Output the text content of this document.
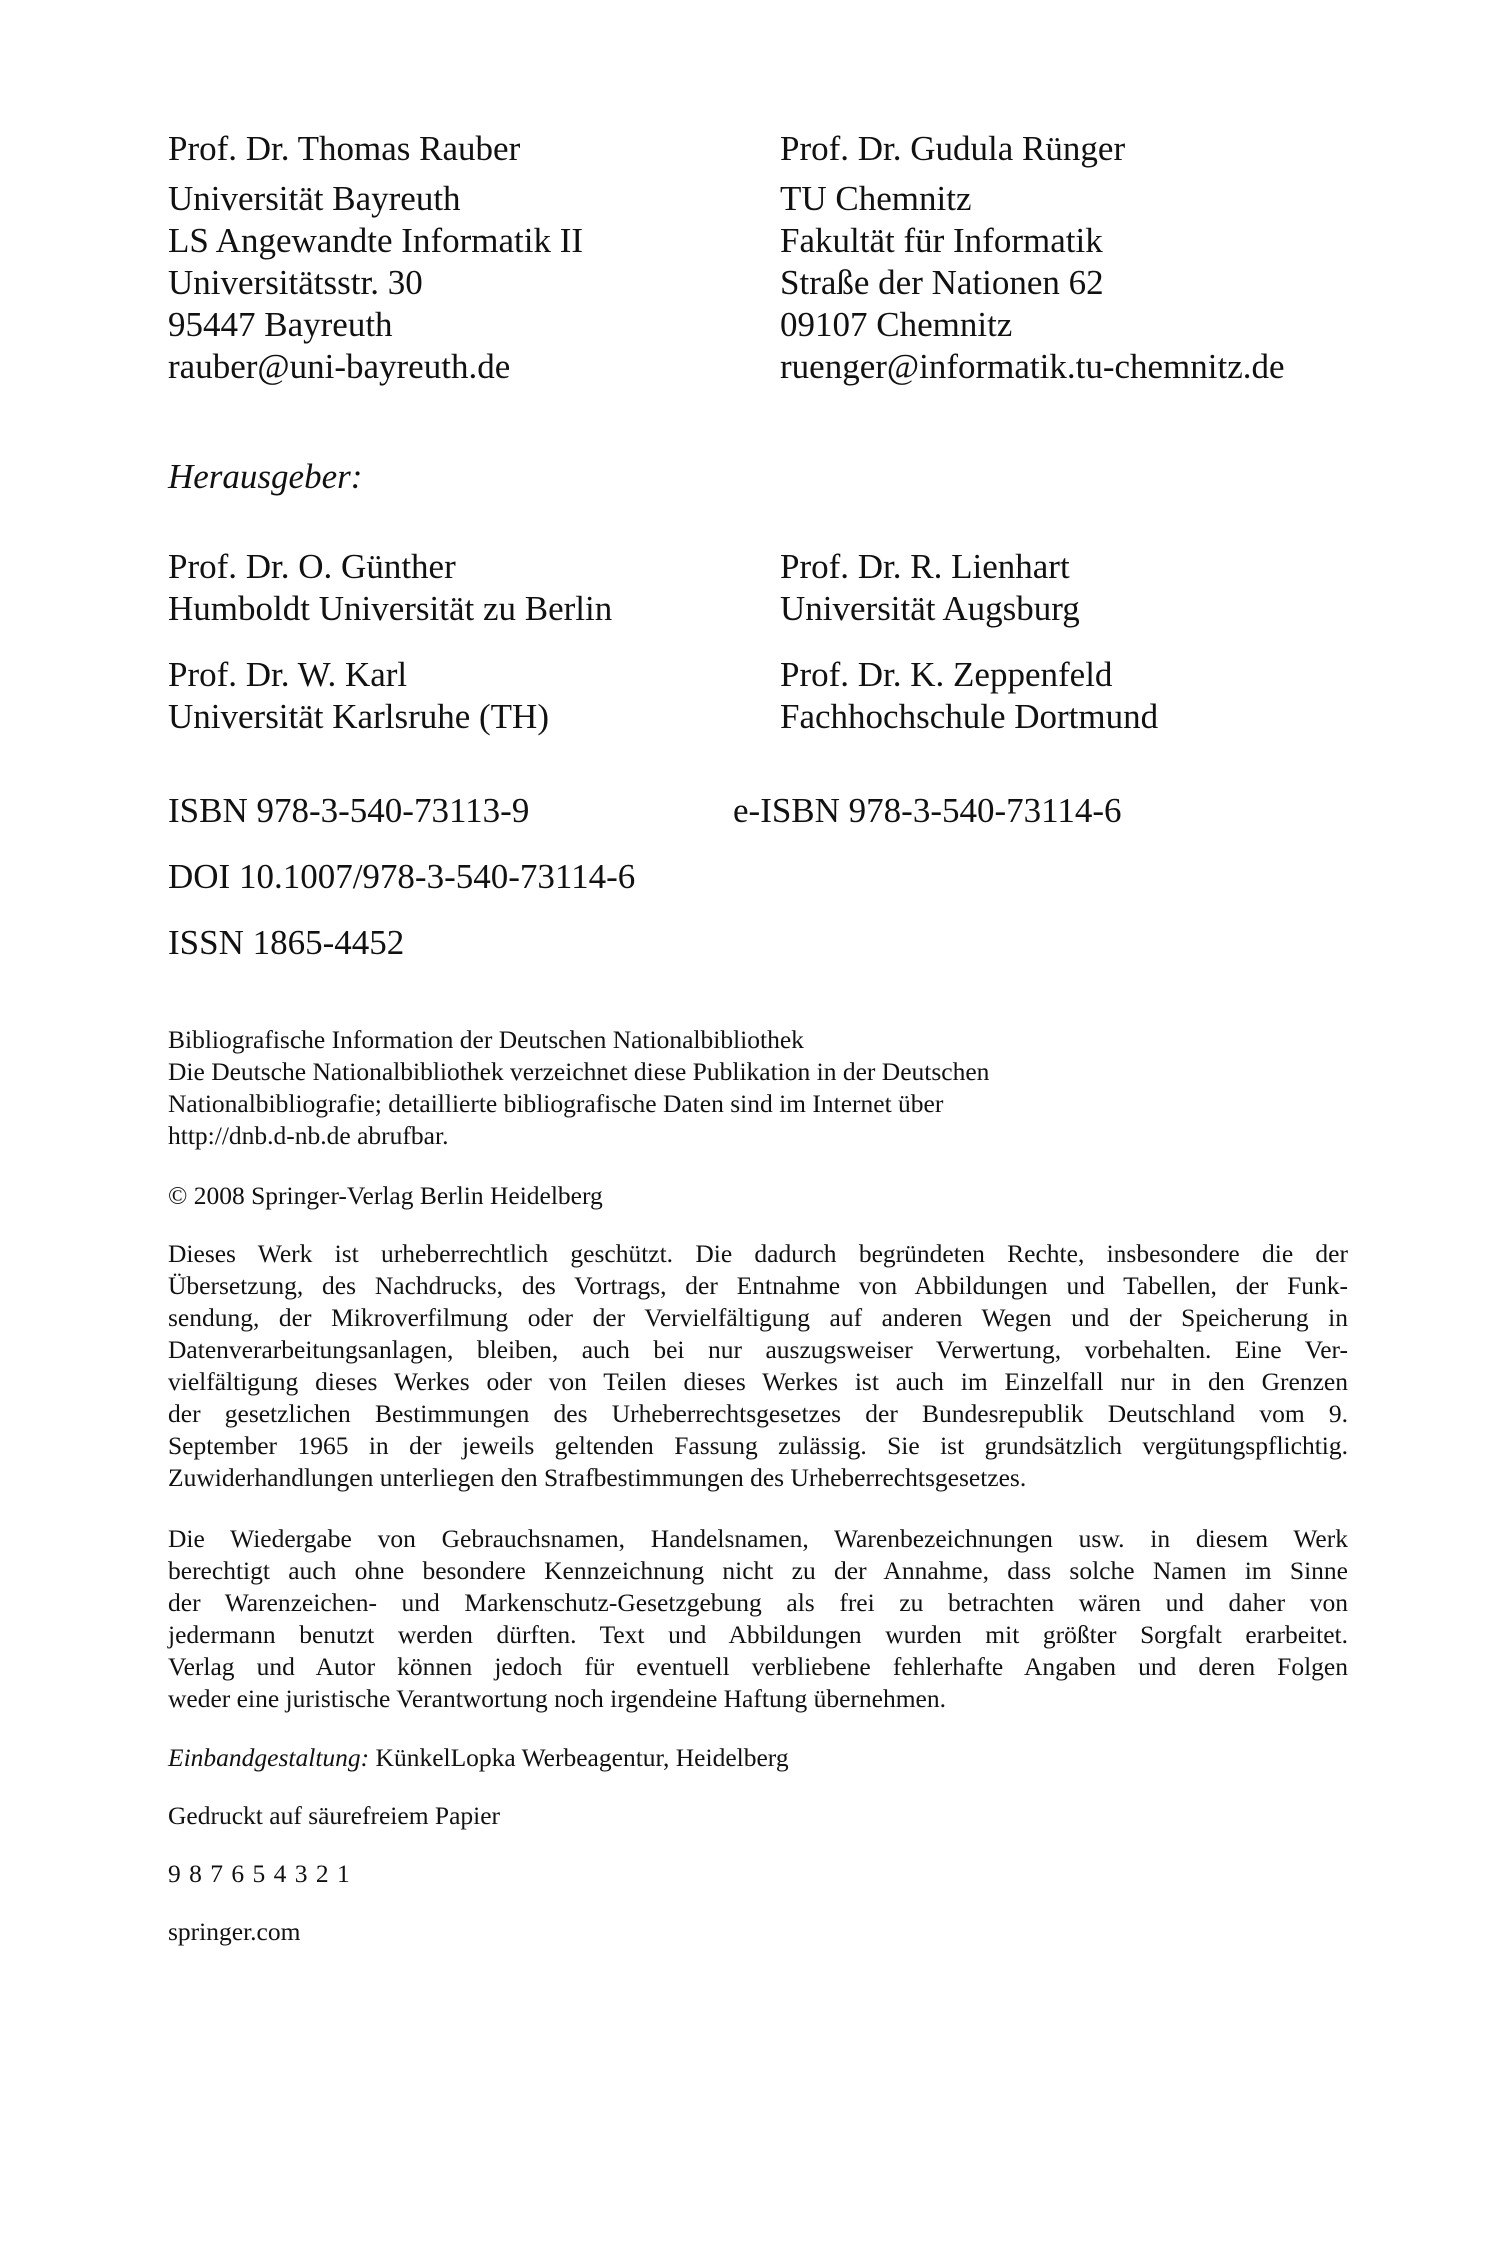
Prof. Dr. Thomas Rauber
Universität Bayreuth
LS Angewandte Informatik II
Universitätsstr. 30
95447 Bayreuth
rauber@uni-bayreuth.de
Prof. Dr. Gudula Rünger
TU Chemnitz
Fakultät für Informatik
Straße der Nationen 62
09107 Chemnitz
ruenger@informatik.tu-chemnitz.de
Herausgeber:
Prof. Dr. O. Günther
Humboldt Universität zu Berlin
Prof. Dr. R. Lienhart
Universität Augsburg
Prof. Dr. W. Karl
Universität Karlsruhe (TH)
Prof. Dr. K. Zeppenfeld
Fachhochschule Dortmund
ISBN 978-3-540-73113-9	e-ISBN 978-3-540-73114-6
DOI 10.1007/978-3-540-73114-6
ISSN 1865-4452
Bibliografische Information der Deutschen Nationalbibliothek
Die Deutsche Nationalbibliothek verzeichnet diese Publikation in der Deutschen
Nationalbibliografie; detaillierte bibliografische Daten sind im Internet über
http://dnb.d-nb.de abrufbar.
© 2008 Springer-Verlag Berlin Heidelberg
Dieses Werk ist urheberrechtlich geschützt. Die dadurch begründeten Rechte, insbesondere die der
Übersetzung, des Nachdrucks, des Vortrags, der Entnahme von Abbildungen und Tabellen, der Funk-
sendung, der Mikroverfilmung oder der Vervielfältigung auf anderen Wegen und der Speicherung in
Datenverarbeitungsanlagen, bleiben, auch bei nur auszugsweiser Verwertung, vorbehalten. Eine Ver-
vielfältigung dieses Werkes oder von Teilen dieses Werkes ist auch im Einzelfall nur in den Grenzen
der gesetzlichen Bestimmungen des Urheberrechtsgesetzes der Bundesrepublik Deutschland vom 9.
September 1965 in der jeweils geltenden Fassung zulässig. Sie ist grundsätzlich vergütungspflichtig.
Zuwiderhandlungen unterliegen den Strafbestimmungen des Urheberrechtsgesetzes.
Die Wiedergabe von Gebrauchsnamen, Handelsnamen, Warenbezeichnungen usw. in diesem Werk
berechtigt auch ohne besondere Kennzeichnung nicht zu der Annahme, dass solche Namen im Sinne
der Warenzeichen- und Markenschutz-Gesetzgebung als frei zu betrachten wären und daher von
jedermann benutzt werden dürften. Text und Abbildungen wurden mit größter Sorgfalt erarbeitet.
Verlag und Autor können jedoch für eventuell verbliebene fehlerhafte Angaben und deren Folgen
weder eine juristische Verantwortung noch irgendeine Haftung übernehmen.
Einbandgestaltung: KünkelLopka Werbeagentur, Heidelberg
Gedruckt auf säurefreiem Papier
9 8 7 6 5 4 3 2 1
springer.com
